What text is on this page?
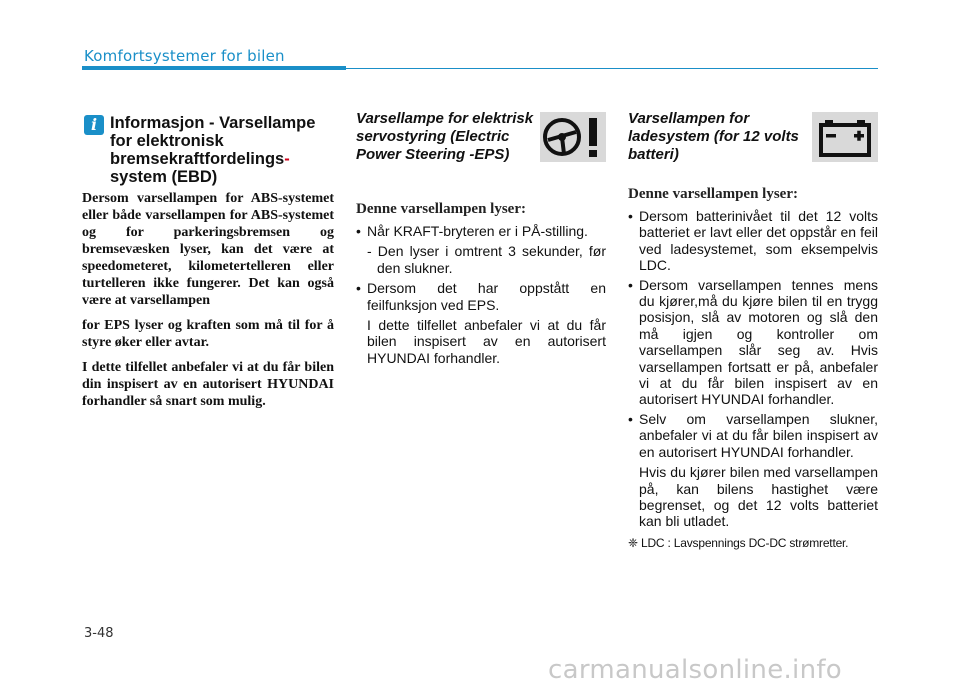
Komfortsystemer for bilen
i Informasjon - Varsellampe for elektronisk bremsekraftfordelings- system (EBD)

Dersom varsellampen for ABS-systemet eller både varsellampen for ABS-systemet og for parkeringsbremsen og bremsevæsken lyser, kan det være at speedometeret, kilometertelleren eller turtelleren ikke fungerer. Det kan også være at varsellampen

for EPS lyser og kraften som må til for å styre øker eller avtar.

I dette tilfellet anbefaler vi at du får bilen din inspisert av en autorisert HYUNDAI forhandler så snart som mulig.

Varsellampe for elektrisk servostyring (Electric Power Steering -EPS)

Denne varsellampen lyser:

• Når KRAFT-bryteren er i PÅ-stilling.

- Den lyser i omtrent 3 sekunder, før den slukner.

• Dersom det har oppstått en feilfunksjon ved EPS.

I dette tilfellet anbefaler vi at du får bilen inspisert av en autorisert HYUNDAI forhandler.

Varsellampen for ladesystem (for 12 volts batteri)

Denne varsellampen lyser:

• Dersom batterinivået til det 12 volts batteriet er lavt eller det oppstår en feil ved ladesystemet, som eksempelvis LDC.
• Dersom varsellampen tennes mens du kjører,må du kjøre bilen til en trygg posisjon, slå av motoren og slå den må igjen og kontroller om varsellampen slår seg av. Hvis varsellampen fortsatt er på, anbefaler vi at du får bilen inspisert av en autorisert HYUNDAI forhandler.
• Selv om varsellampen slukner, anbefaler vi at du får bilen inspisert av en autorisert HYUNDAI forhandler.

Hvis du kjører bilen med varsellampen på, kan bilens hastighet være begrenset, og det 12 volts batteriet kan bli utladet.

❈ LDC : Lavspennings DC-DC strømretter.

3-48
carmanualsonline.info
